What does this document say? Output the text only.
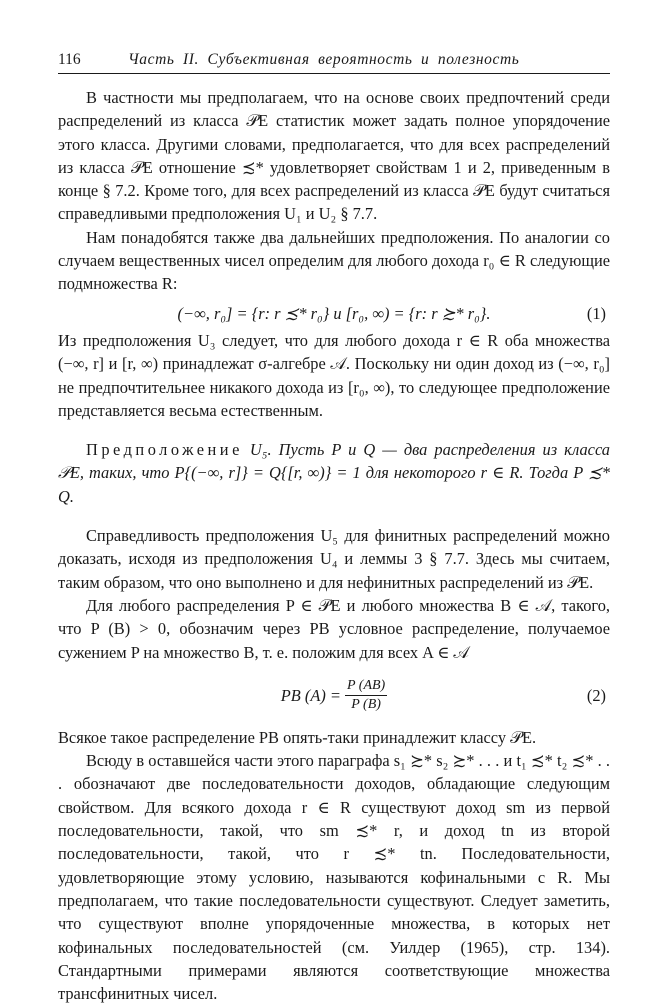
116	Часть II. Субъективная вероятность и полезность

В частности мы предполагаем, что на основе своих предпочтений среди распределений из класса 𝒫E статистик может задать полное упорядочение этого класса. Другими словами, предполагается, что для всех распределений из класса 𝒫E отношение ≾* удовлетворяет свойствам 1 и 2, приведенным в конце § 7.2. Кроме того, для всех распределений из класса 𝒫E будут считаться справедливыми предположения U₁ и U₂ § 7.7.

Нам понадобятся также два дальнейших предположения. По аналогии со случаем вещественных чисел определим для любого дохода r₀ ∈ R следующие подмножества R:

(−∞, r₀] = {r: r ≾* r₀} и [r₀, ∞) = {r: r ≿* r₀}.	(1)

Из предположения U₃ следует, что для любого дохода r ∈ R оба множества (−∞, r] и [r, ∞) принадлежат σ-алгебре 𝒜. Поскольку ни один доход из (−∞, r₀] не предпочтительнее никакого дохода из [r₀, ∞), то следующее предположение представляется весьма естественным.

Предположение U₅. Пусть P и Q — два распределения из класса 𝒫E, таких, что P{(−∞, r]} = Q{[r, ∞)} = 1 для некоторого r ∈ R. Тогда P ≾* Q.

Справедливость предположения U₅ для финитных распределений можно доказать, исходя из предположения U₄ и леммы 3 § 7.7. Здесь мы считаем, таким образом, что оно выполнено и для нефинитных распределений из 𝒫E.

Для любого распределения P ∈ 𝒫E и любого множества B ∈ 𝒜, такого, что P (B) > 0, обозначим через PB условное распределение, получаемое сужением P на множество B, т. е. положим для всех A ∈ 𝒜

PB $(A) = \frac{P (AB)}{P (B)}$	(2)

Всякое такое распределение PB опять-таки принадлежит классу 𝒫E.

Всюду в оставшейся части этого параграфа s₁ ≿* s₂ ≿* . . . и t₁ ≾* t₂ ≾* . . . обозначают две последовательности доходов, обладающие следующим свойством. Для всякого дохода r ∈ R существуют доход sm из первой последовательности, такой, что sm ≾* r, и доход tn из второй последовательности, такой, что r ≾* tn. Последовательности, удовлетворяющие этому условию, называются кофинальными с R. Мы предполагаем, что такие последовательности существуют. Следует заметить, что существуют вполне упорядоченные множества, в которых нет кофинальных последовательностей (см. Уилдер (1965), стр. 134). Стандартными примерами являются соответствующие множества трансфинитных чисел.
